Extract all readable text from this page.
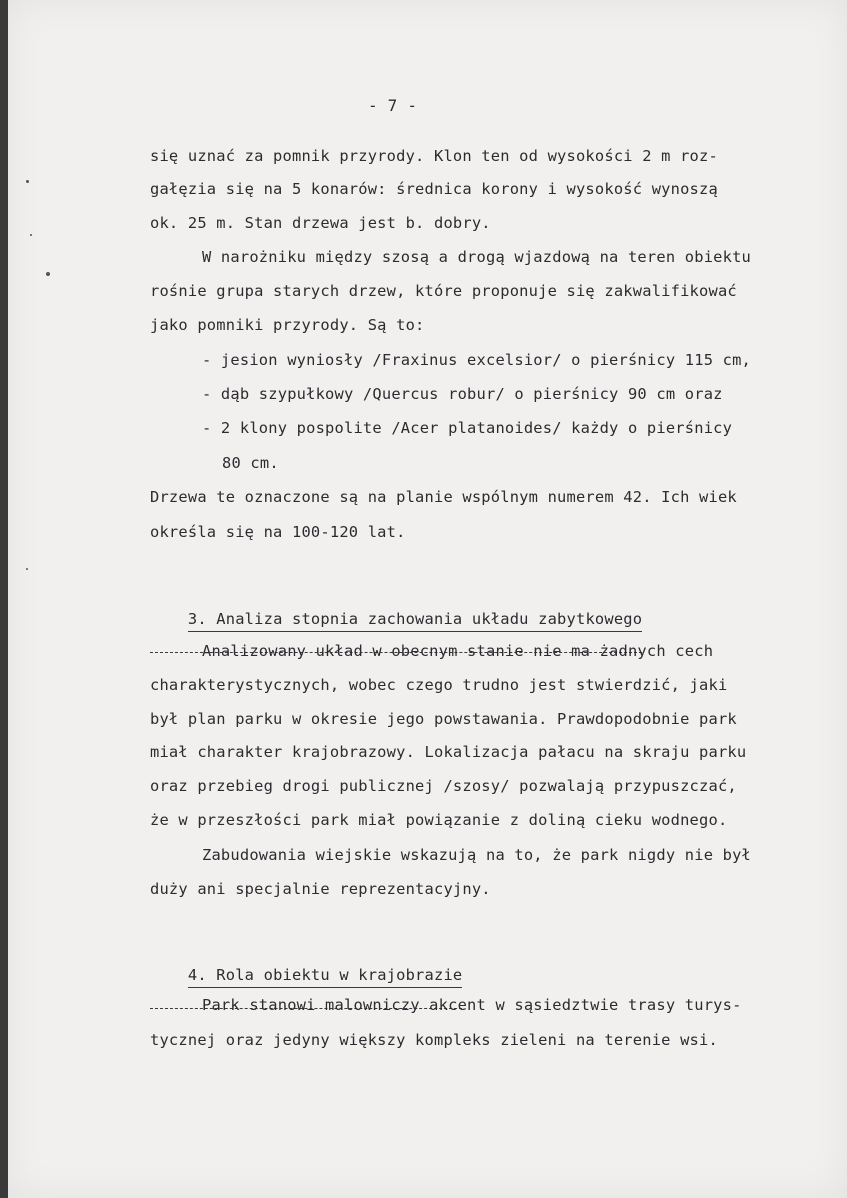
- 7 -
się uznać za pomnik przyrody. Klon ten od wysokości 2 m roz-
gałęzia się na 5 konarów: średnica korony i wysokość wynoszą
ok. 25 m. Stan drzewa jest b. dobry.
W narożniku między szosą a drogą wjazdową na teren obiektu
rośnie grupa starych drzew, które proponuje się zakwalifikować
jako pomniki przyrody. Są to:
- jesion wyniosły /Fraxinus excelsior/ o pierśnicy 115 cm,
- dąb szypułkowy /Quercus robur/ o pierśnicy 90 cm oraz
- 2 klony pospolite /Acer platanoides/ każdy o pierśnicy
80 cm.
Drzewa te oznaczone są na planie wspólnym numerem 42. Ich wiek
określa się na 100-120 lat.

3. Analiza stopnia zachowania układu zabytkowego

Analizowany układ w obecnym stanie nie ma żadnych cech
charakterystycznych, wobec czego trudno jest stwierdzić, jaki
był plan parku w okresie jego powstawania. Prawdopodobnie park
miał charakter krajobrazowy. Lokalizacja pałacu na skraju parku
oraz przebieg drogi publicznej /szosy/ pozwalają przypuszczać,
że w przeszłości park miał powiązanie z doliną cieku wodnego.
Zabudowania wiejskie wskazują na to, że park nigdy nie był
duży ani specjalnie reprezentacyjny.

4. Rola obiektu w krajobrazie

Park stanowi malowniczy akcent w sąsiedztwie trasy turys-
tycznej oraz jedyny większy kompleks zieleni na terenie wsi.
